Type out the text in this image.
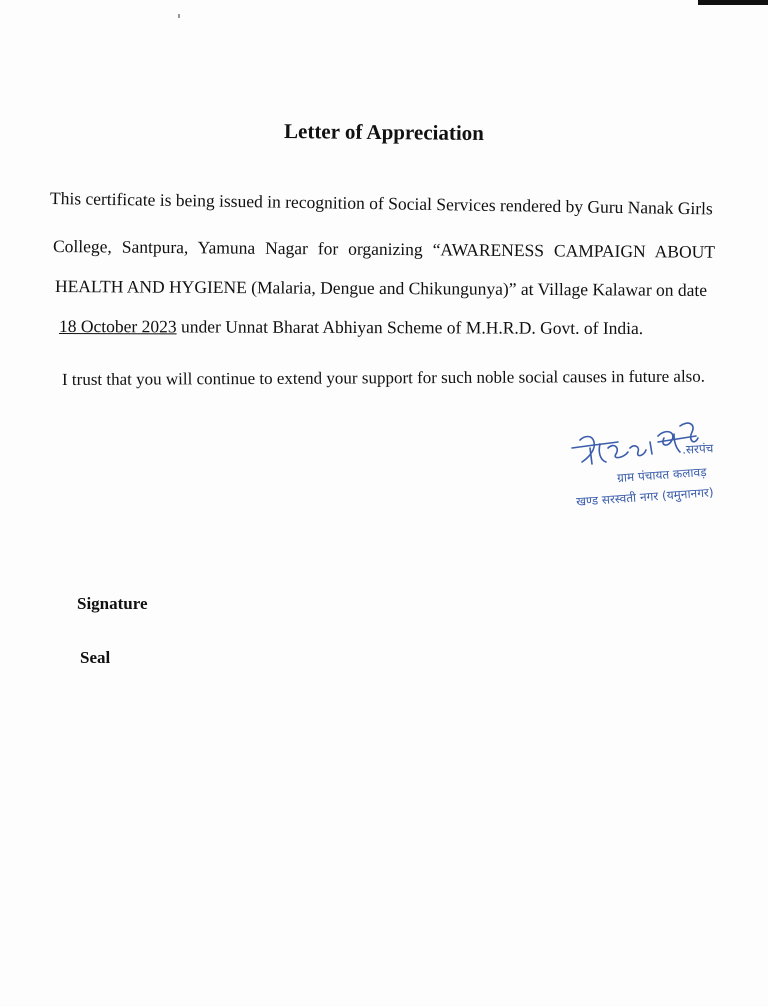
Letter of Appreciation
This certificate is being issued in recognition of Social Services rendered by Guru Nanak Girls
College, Santpura, Yamuna Nagar for organizing “AWARENESS CAMPAIGN ABOUT
HEALTH AND HYGIENE (Malaria, Dengue and Chikungunya)” at Village Kalawar on date
18 October 2023 under Unnat Bharat Abhiyan Scheme of M.H.R.D. Govt. of India.
I trust that you will continue to extend your support for such noble social causes in future also.
.सरपंच
ग्राम पंचायत कलावड़
खण्ड सरस्वती नगर (यमुनानगर)
Signature
Seal
